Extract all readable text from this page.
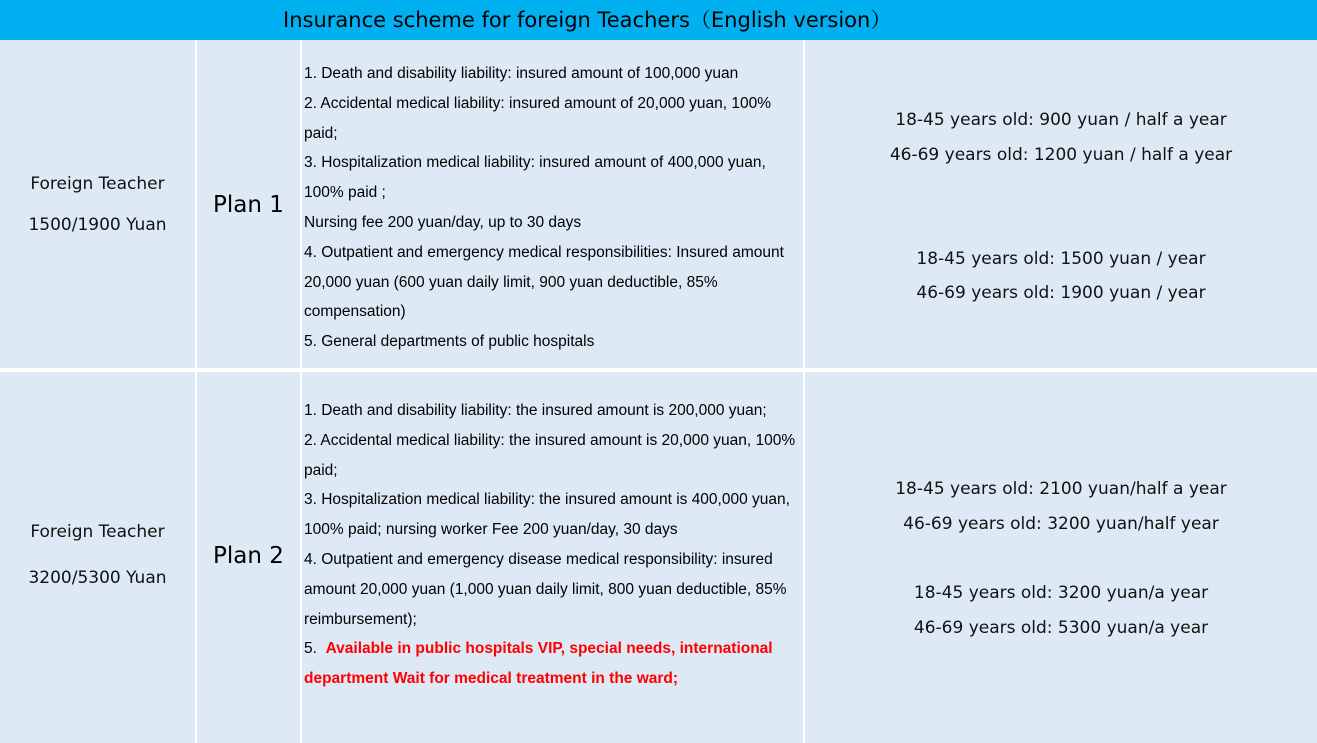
Insurance scheme for foreign Teachers（English version）
Foreign Teacher
1500/1900 Yuan
Plan 1

1. Death and disability liability: insured amount of 100,000 yuan

2. Accidental medical liability: insured amount of 20,000 yuan, 100% paid;

3. Hospitalization medical liability: insured amount of 400,000 yuan, 100% paid ;

Nursing fee 200 yuan/day, up to 30 days

4. Outpatient and emergency medical responsibilities: Insured amount 20,000 yuan (600 yuan daily limit, 900 yuan deductible, 85% compensation)

5. General departments of public hospitals

18-45 years old: 900 yuan / half a year
46-69 years old: 1200 yuan / half a year
18-45 years old: 1500 yuan / year
46-69 years old: 1900 yuan / year
Foreign Teacher
3200/5300 Yuan
Plan 2

1. Death and disability liability: the insured amount is 200,000 yuan;

2. Accidental medical liability: the insured amount is 20,000 yuan, 100% paid;

3. Hospitalization medical liability: the insured amount is 400,000 yuan, 100% paid; nursing worker Fee 200 yuan/day, 30 days

4. Outpatient and emergency disease medical responsibility: insured amount 20,000 yuan (1,000 yuan daily limit, 800 yuan deductible, 85% reimbursement);

5. Available in public hospitals VIP, special needs, international department Wait for medical treatment in the ward;

18-45 years old: 2100 yuan/half a year
46-69 years old: 3200 yuan/half year
18-45 years old: 3200 yuan/a year
46-69 years old: 5300 yuan/a year
